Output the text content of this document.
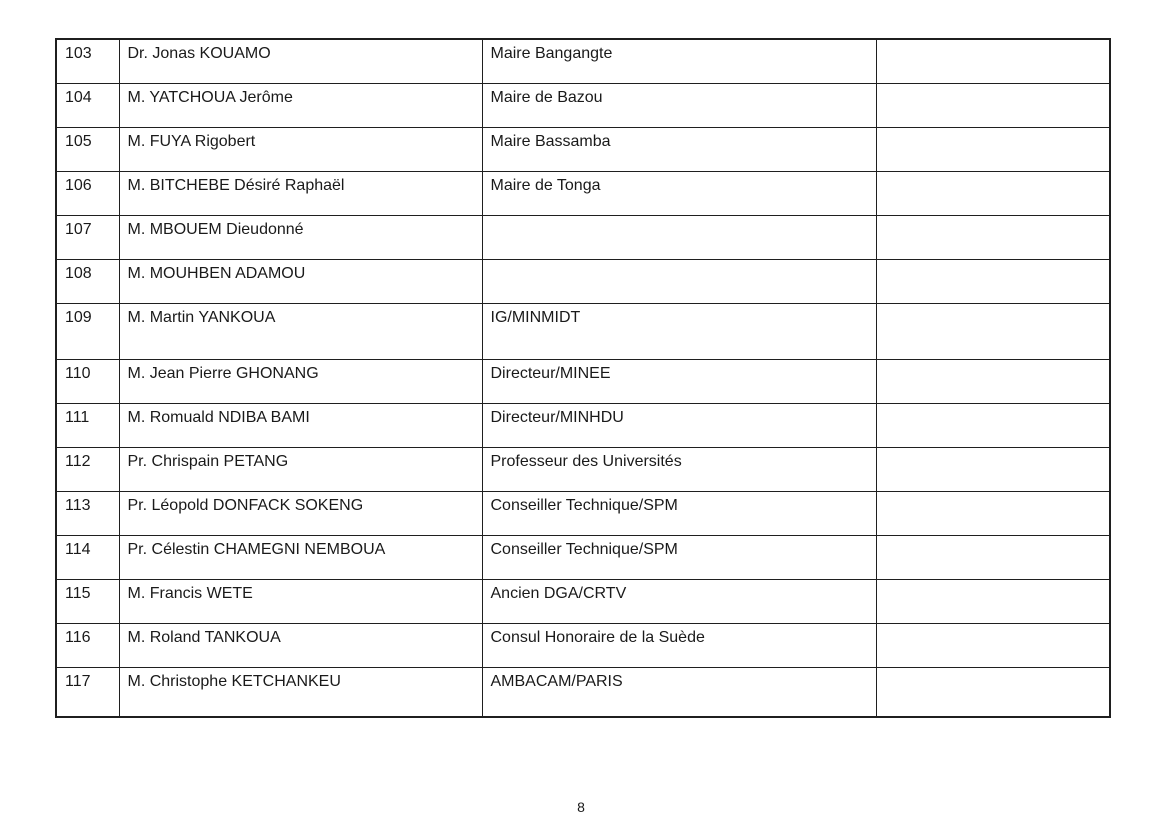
103	Dr. Jonas KOUAMO	Maire Bangangte	
104	M. YATCHOUA Jerôme	Maire de Bazou	
105	M. FUYA Rigobert	Maire Bassamba	
106	M. BITCHEBE Désiré Raphaël	Maire de Tonga	
107	M. MBOUEM Dieudonné		
108	M. MOUHBEN ADAMOU		
109	M. Martin YANKOUA	IG/MINMIDT	
110	M. Jean Pierre GHONANG	Directeur/MINEE	
111	M. Romuald NDIBA BAMI	Directeur/MINHDU	
112	Pr. Chrispain PETANG	Professeur des Universités	
113	Pr. Léopold DONFACK SOKENG	Conseiller Technique/SPM	
114	Pr. Célestin CHAMEGNI NEMBOUA	Conseiller Technique/SPM	
115	M. Francis WETE	Ancien DGA/CRTV	
116	M. Roland TANKOUA	Consul Honoraire de la Suède	
117	M. Christophe KETCHANKEU	AMBACAM/PARIS	
8
